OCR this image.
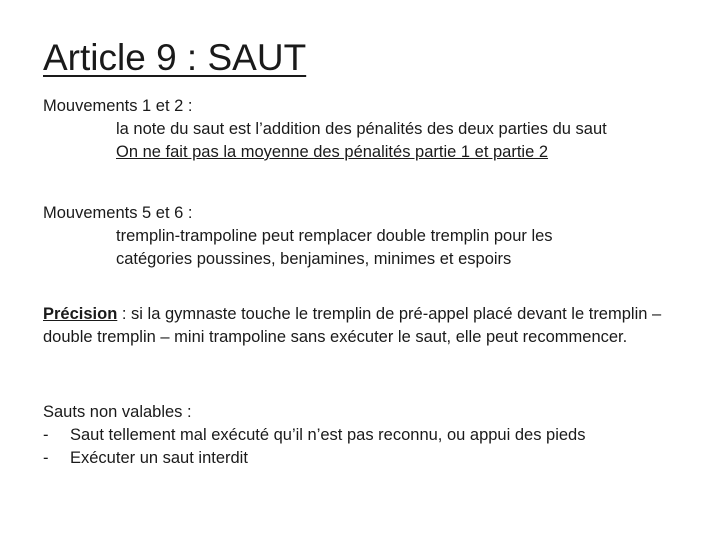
Article 9 : SAUT
Mouvements 1 et 2 :
la note du saut est l’addition des pénalités des deux parties du saut
On ne fait pas la moyenne des pénalités partie 1 et partie 2
Mouvements 5 et 6 :
tremplin-trampoline peut remplacer double tremplin pour les
catégories poussines, benjamines, minimes et espoirs
Précision : si la gymnaste touche le tremplin de pré-appel placé devant le tremplin – double tremplin – mini trampoline sans exécuter le saut, elle peut recommencer.
Sauts non valables :
-	Saut tellement mal exécuté qu’il n’est pas reconnu, ou appui des pieds
-	Exécuter un saut interdit
